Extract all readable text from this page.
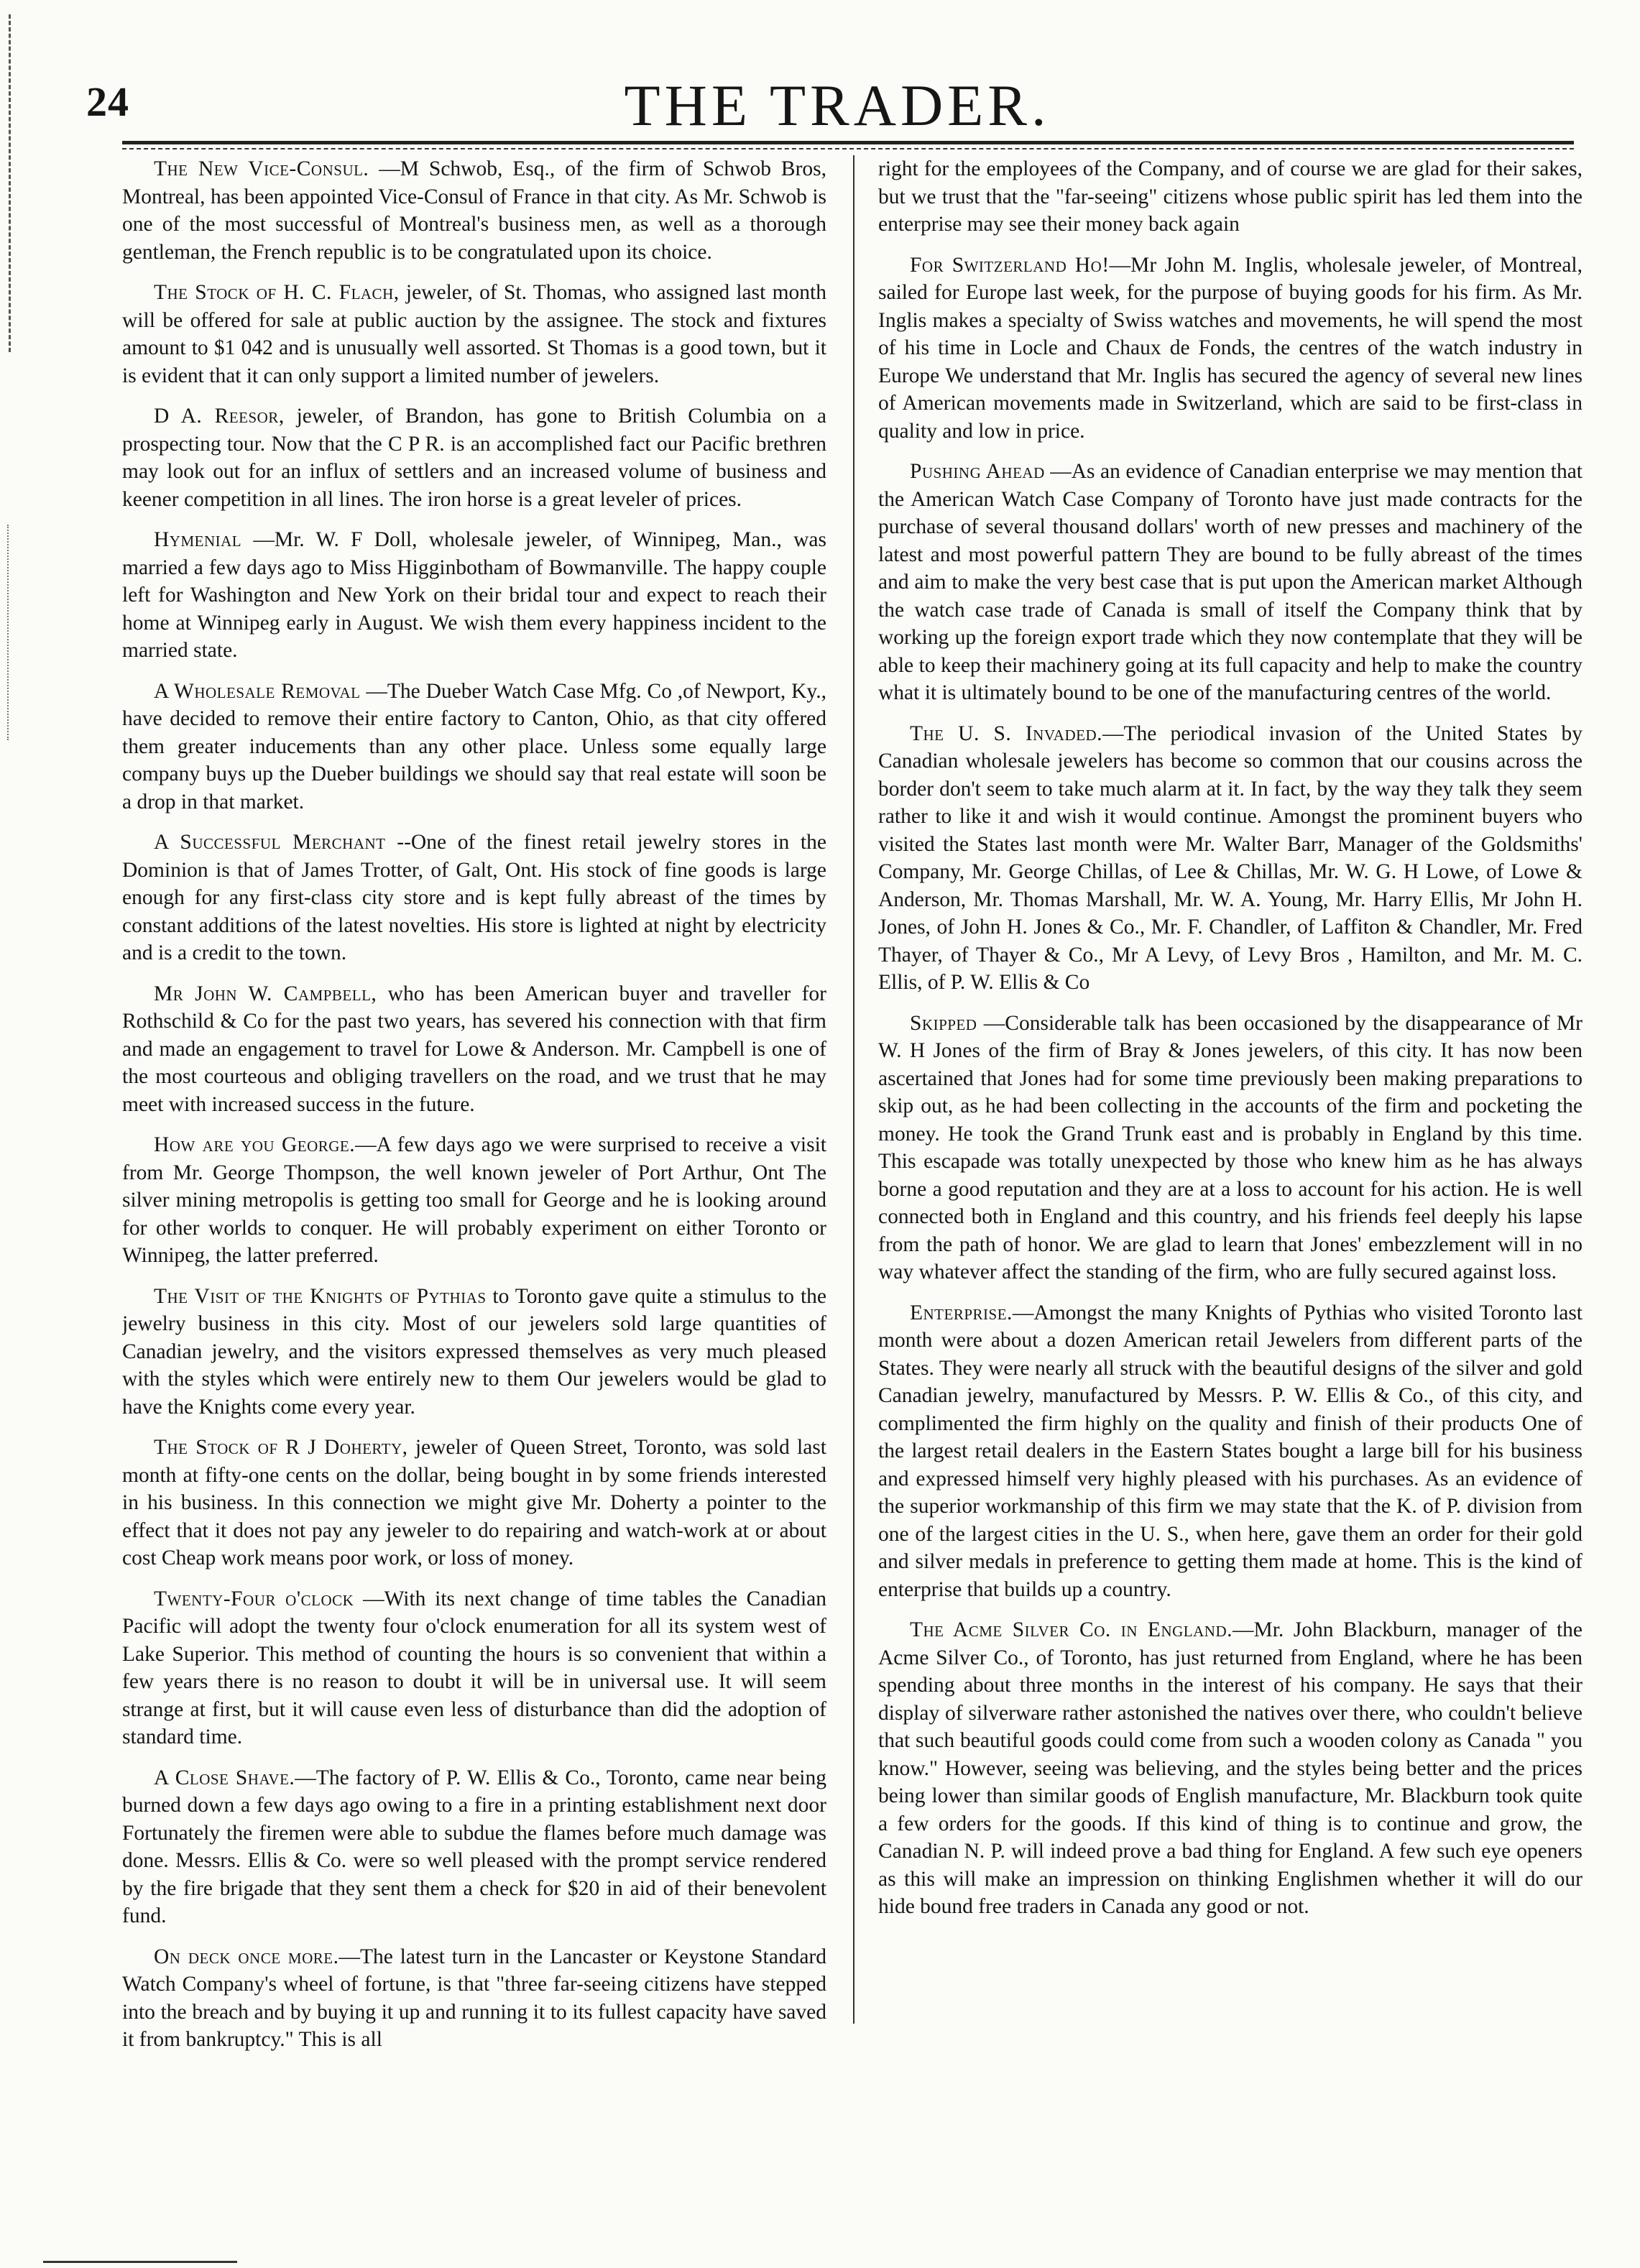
24	THE TRADER.

The New Vice-Consul. —M Schwob, Esq., of the firm of Schwob Bros, Montreal, has been appointed Vice-Consul of France in that city. As Mr. Schwob is one of the most successful of Montreal's business men, as well as a thorough gentleman, the French republic is to be congratulated upon its choice.

The Stock of H. C. Flach, jeweler, of St. Thomas, who assigned last month will be offered for sale at public auction by the assignee. The stock and fixtures amount to $1 042 and is unusually well assorted. St Thomas is a good town, but it is evident that it can only support a limited number of jewelers.

D A. Reesor, jeweler, of Brandon, has gone to British Columbia on a prospecting tour. Now that the C P R. is an accomplished fact our Pacific brethren may look out for an influx of settlers and an increased volume of business and keener competition in all lines. The iron horse is a great leveler of prices.

Hymenial —Mr. W. F Doll, wholesale jeweler, of Winnipeg, Man., was married a few days ago to Miss Higginbotham of Bowmanville. The happy couple left for Washington and New York on their bridal tour and expect to reach their home at Winnipeg early in August. We wish them every happiness incident to the married state.

A Wholesale Removal —The Dueber Watch Case Mfg. Co ,of Newport, Ky., have decided to remove their entire factory to Canton, Ohio, as that city offered them greater inducements than any other place. Unless some equally large company buys up the Dueber buildings we should say that real estate will soon be a drop in that market.

A Successful Merchant --One of the finest retail jewelry stores in the Dominion is that of James Trotter, of Galt, Ont. His stock of fine goods is large enough for any first-class city store and is kept fully abreast of the times by constant additions of the latest novelties. His store is lighted at night by electricity and is a credit to the town.

Mr John W. Campbell, who has been American buyer and traveller for Rothschild & Co for the past two years, has severed his connection with that firm and made an engagement to travel for Lowe & Anderson. Mr. Campbell is one of the most courteous and obliging travellers on the road, and we trust that he may meet with increased success in the future.

How are you George.—A few days ago we were surprised to receive a visit from Mr. George Thompson, the well known jeweler of Port Arthur, Ont The silver mining metropolis is getting too small for George and he is looking around for other worlds to conquer. He will probably experiment on either Toronto or Winnipeg, the latter preferred.

The Visit of the Knights of Pythias to Toronto gave quite a stimulus to the jewelry business in this city. Most of our jewelers sold large quantities of Canadian jewelry, and the visitors expressed themselves as very much pleased with the styles which were entirely new to them Our jewelers would be glad to have the Knights come every year.

The Stock of R J Doherty, jeweler of Queen Street, Toronto, was sold last month at fifty-one cents on the dollar, being bought in by some friends interested in his business. In this connection we might give Mr. Doherty a pointer to the effect that it does not pay any jeweler to do repairing and watch-work at or about cost Cheap work means poor work, or loss of money.

Twenty-Four o'clock —With its next change of time tables the Canadian Pacific will adopt the twenty four o'clock enumeration for all its system west of Lake Superior. This method of counting the hours is so convenient that within a few years there is no reason to doubt it will be in universal use. It will seem strange at first, but it will cause even less of disturbance than did the adoption of standard time.

A Close Shave.—The factory of P. W. Ellis & Co., Toronto, came near being burned down a few days ago owing to a fire in a printing establishment next door Fortunately the firemen were able to subdue the flames before much damage was done. Messrs. Ellis & Co. were so well pleased with the prompt service rendered by the fire brigade that they sent them a check for $20 in aid of their benevolent fund.

On deck once more.—The latest turn in the Lancaster or Keystone Standard Watch Company's wheel of fortune, is that "three far-seeing citizens have stepped into the breach and by buying it up and running it to its fullest capacity have saved it from bankruptcy." This is all

right for the employees of the Company, and of course we are glad for their sakes, but we trust that the "far-seeing" citizens whose public spirit has led them into the enterprise may see their money back again

For Switzerland Ho!—Mr John M. Inglis, wholesale jeweler, of Montreal, sailed for Europe last week, for the purpose of buying goods for his firm. As Mr. Inglis makes a specialty of Swiss watches and movements, he will spend the most of his time in Locle and Chaux de Fonds, the centres of the watch industry in Europe We understand that Mr. Inglis has secured the agency of several new lines of American movements made in Switzerland, which are said to be first-class in quality and low in price.

Pushing Ahead —As an evidence of Canadian enterprise we may mention that the American Watch Case Company of Toronto have just made contracts for the purchase of several thousand dollars' worth of new presses and machinery of the latest and most powerful pattern They are bound to be fully abreast of the times and aim to make the very best case that is put upon the American market Although the watch case trade of Canada is small of itself the Company think that by working up the foreign export trade which they now contemplate that they will be able to keep their machinery going at its full capacity and help to make the country what it is ultimately bound to be one of the manufacturing centres of the world.

The U. S. Invaded.—The periodical invasion of the United States by Canadian wholesale jewelers has become so common that our cousins across the border don't seem to take much alarm at it. In fact, by the way they talk they seem rather to like it and wish it would continue. Amongst the prominent buyers who visited the States last month were Mr. Walter Barr, Manager of the Goldsmiths' Company, Mr. George Chillas, of Lee & Chillas, Mr. W. G. H Lowe, of Lowe & Anderson, Mr. Thomas Marshall, Mr. W. A. Young, Mr. Harry Ellis, Mr John H. Jones, of John H. Jones & Co., Mr. F. Chandler, of Laffiton & Chandler, Mr. Fred Thayer, of Thayer & Co., Mr A Levy, of Levy Bros , Hamilton, and Mr. M. C. Ellis, of P. W. Ellis & Co

Skipped —Considerable talk has been occasioned by the disappearance of Mr W. H Jones of the firm of Bray & Jones jewelers, of this city. It has now been ascertained that Jones had for some time previously been making preparations to skip out, as he had been collecting in the accounts of the firm and pocketing the money. He took the Grand Trunk east and is probably in England by this time. This escapade was totally unexpected by those who knew him as he has always borne a good reputation and they are at a loss to account for his action. He is well connected both in England and this country, and his friends feel deeply his lapse from the path of honor. We are glad to learn that Jones' embezzlement will in no way whatever affect the standing of the firm, who are fully secured against loss.

Enterprise.—Amongst the many Knights of Pythias who visited Toronto last month were about a dozen American retail Jewelers from different parts of the States. They were nearly all struck with the beautiful designs of the silver and gold Canadian jewelry, manufactured by Messrs. P. W. Ellis & Co., of this city, and complimented the firm highly on the quality and finish of their products One of the largest retail dealers in the Eastern States bought a large bill for his business and expressed himself very highly pleased with his purchases. As an evidence of the superior workmanship of this firm we may state that the K. of P. division from one of the largest cities in the U. S., when here, gave them an order for their gold and silver medals in preference to getting them made at home. This is the kind of enterprise that builds up a country.

The Acme Silver Co. in England.—Mr. John Blackburn, manager of the Acme Silver Co., of Toronto, has just returned from England, where he has been spending about three months in the interest of his company. He says that their display of silverware rather astonished the natives over there, who couldn't believe that such beautiful goods could come from such a wooden colony as Canada " you know." However, seeing was believing, and the styles being better and the prices being lower than similar goods of English manufacture, Mr. Blackburn took quite a few orders for the goods. If this kind of thing is to continue and grow, the Canadian N. P. will indeed prove a bad thing for England. A few such eye openers as this will make an impression on thinking Englishmen whether it will do our hide bound free traders in Canada any good or not.
